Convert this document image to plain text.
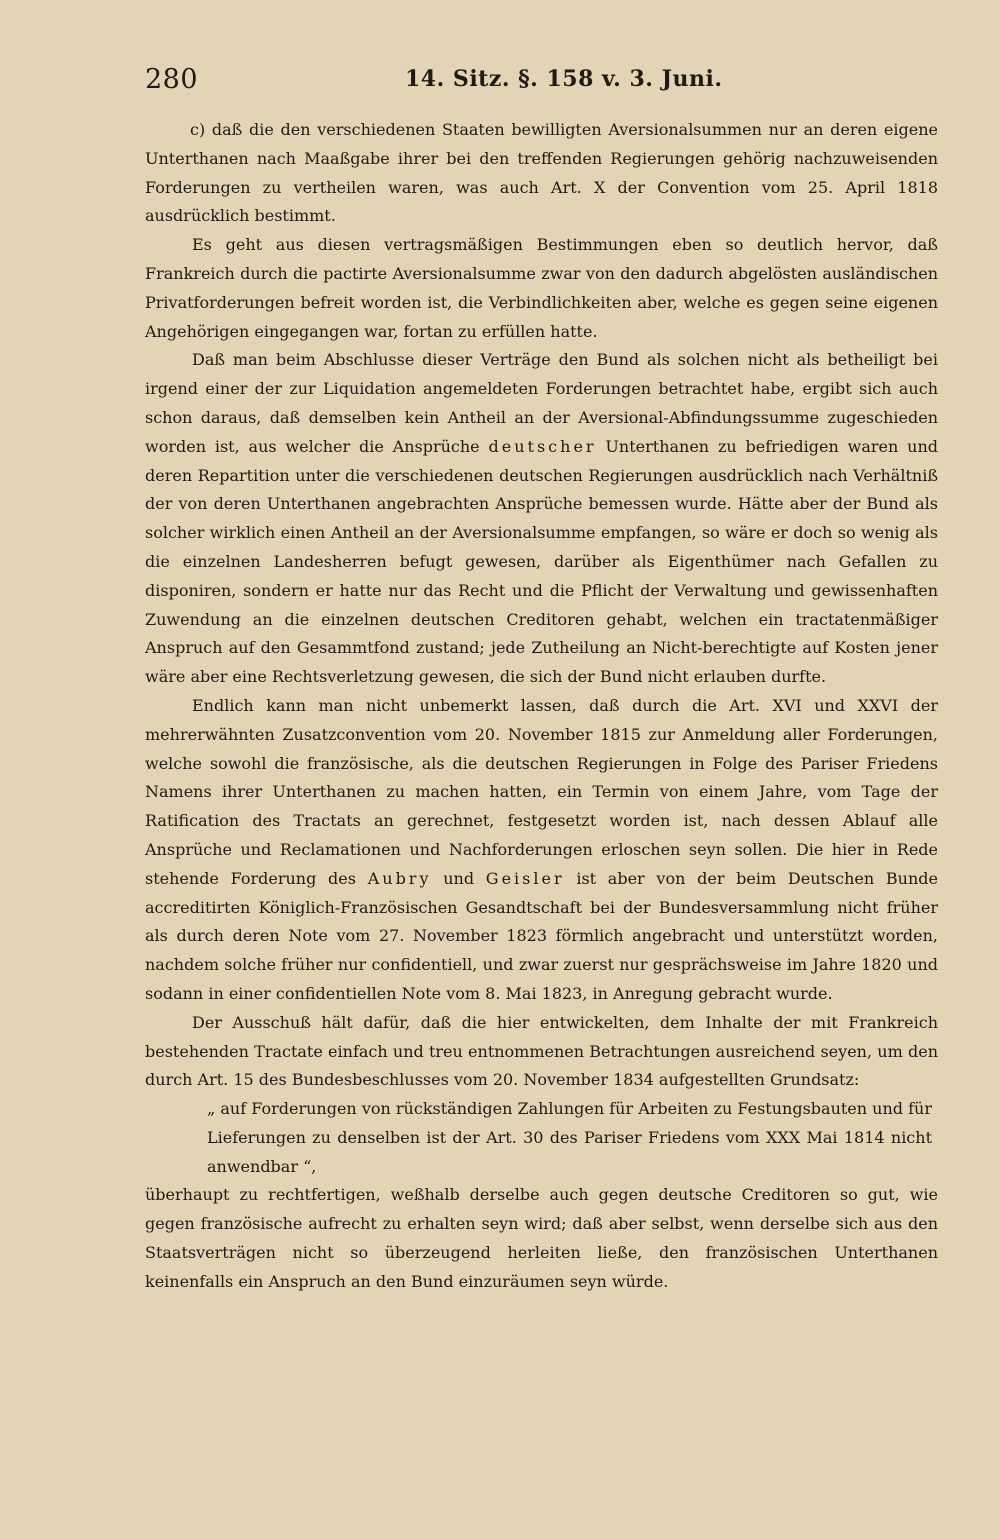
280	14. Sitz. §. 158 v. 3. Juni.

c) daß die den verschiedenen Staaten bewilligten Aversionalsummen nur an deren eigene Unterthanen nach Maaßgabe ihrer bei den treffenden Regierungen gehörig nachzuweisenden Forderungen zu vertheilen waren, was auch Art. X der Convention vom 25. April 1818 ausdrücklich bestimmt.

Es geht aus diesen vertragsmäßigen Bestimmungen eben so deutlich hervor, daß Frankreich durch die pactirte Aversionalsumme zwar von den dadurch abgelösten ausländischen Privatforderungen befreit worden ist, die Verbindlichkeiten aber, welche es gegen seine eigenen Angehörigen eingegangen war, fortan zu erfüllen hatte.

Daß man beim Abschlusse dieser Verträge den Bund als solchen nicht als betheiligt bei irgend einer der zur Liquidation angemeldeten Forderungen betrachtet habe, ergibt sich auch schon daraus, daß demselben kein Antheil an der Aversional-Abfindungssumme zugeschieden worden ist, aus welcher die Ansprüche deutscher Unterthanen zu befriedigen waren und deren Repartition unter die verschiedenen deutschen Regierungen ausdrücklich nach Verhältniß der von deren Unterthanen angebrachten Ansprüche bemessen wurde. Hätte aber der Bund als solcher wirklich einen Antheil an der Aversionalsumme empfangen, so wäre er doch so wenig als die einzelnen Landesherren befugt gewesen, darüber als Eigenthümer nach Gefallen zu disponiren, sondern er hatte nur das Recht und die Pflicht der Verwaltung und gewissenhaften Zuwendung an die einzelnen deutschen Creditoren gehabt, welchen ein tractatenmäßiger Anspruch auf den Gesammtfond zustand; jede Zutheilung an Nicht-berechtigte auf Kosten jener wäre aber eine Rechtsverletzung gewesen, die sich der Bund nicht erlauben durfte.

Endlich kann man nicht unbemerkt lassen, daß durch die Art. XVI und XXVI der mehrerwähnten Zusatzconvention vom 20. November 1815 zur Anmeldung aller Forderungen, welche sowohl die französische, als die deutschen Regierungen in Folge des Pariser Friedens Namens ihrer Unterthanen zu machen hatten, ein Termin von einem Jahre, vom Tage der Ratification des Tractats an gerechnet, festgesetzt worden ist, nach dessen Ablauf alle Ansprüche und Reclamationen und Nachforderungen erloschen seyn sollen. Die hier in Rede stehende Forderung des Aubry und Geisler ist aber von der beim Deutschen Bunde accreditirten Königlich-Französischen Gesandtschaft bei der Bundesversammlung nicht früher als durch deren Note vom 27. November 1823 förmlich angebracht und unterstützt worden, nachdem solche früher nur confidentiell, und zwar zuerst nur gesprächsweise im Jahre 1820 und sodann in einer confidentiellen Note vom 8. Mai 1823, in Anregung gebracht wurde.

Der Ausschuß hält dafür, daß die hier entwickelten, dem Inhalte der mit Frankreich bestehenden Tractate einfach und treu entnommenen Betrachtungen ausreichend seyen, um den durch Art. 15 des Bundesbeschlusses vom 20. November 1834 aufgestellten Grundsatz:

„ auf Forderungen von rückständigen Zahlungen für Arbeiten zu Festungsbauten und für Lieferungen zu denselben ist der Art. 30 des Pariser Friedens vom XXX Mai 1814 nicht anwendbar “,

überhaupt zu rechtfertigen, weßhalb derselbe auch gegen deutsche Creditoren so gut, wie gegen französische aufrecht zu erhalten seyn wird; daß aber selbst, wenn derselbe sich aus den Staatsverträgen nicht so überzeugend herleiten ließe, den französischen Unterthanen keinenfalls ein Anspruch an den Bund einzuräumen seyn würde.
